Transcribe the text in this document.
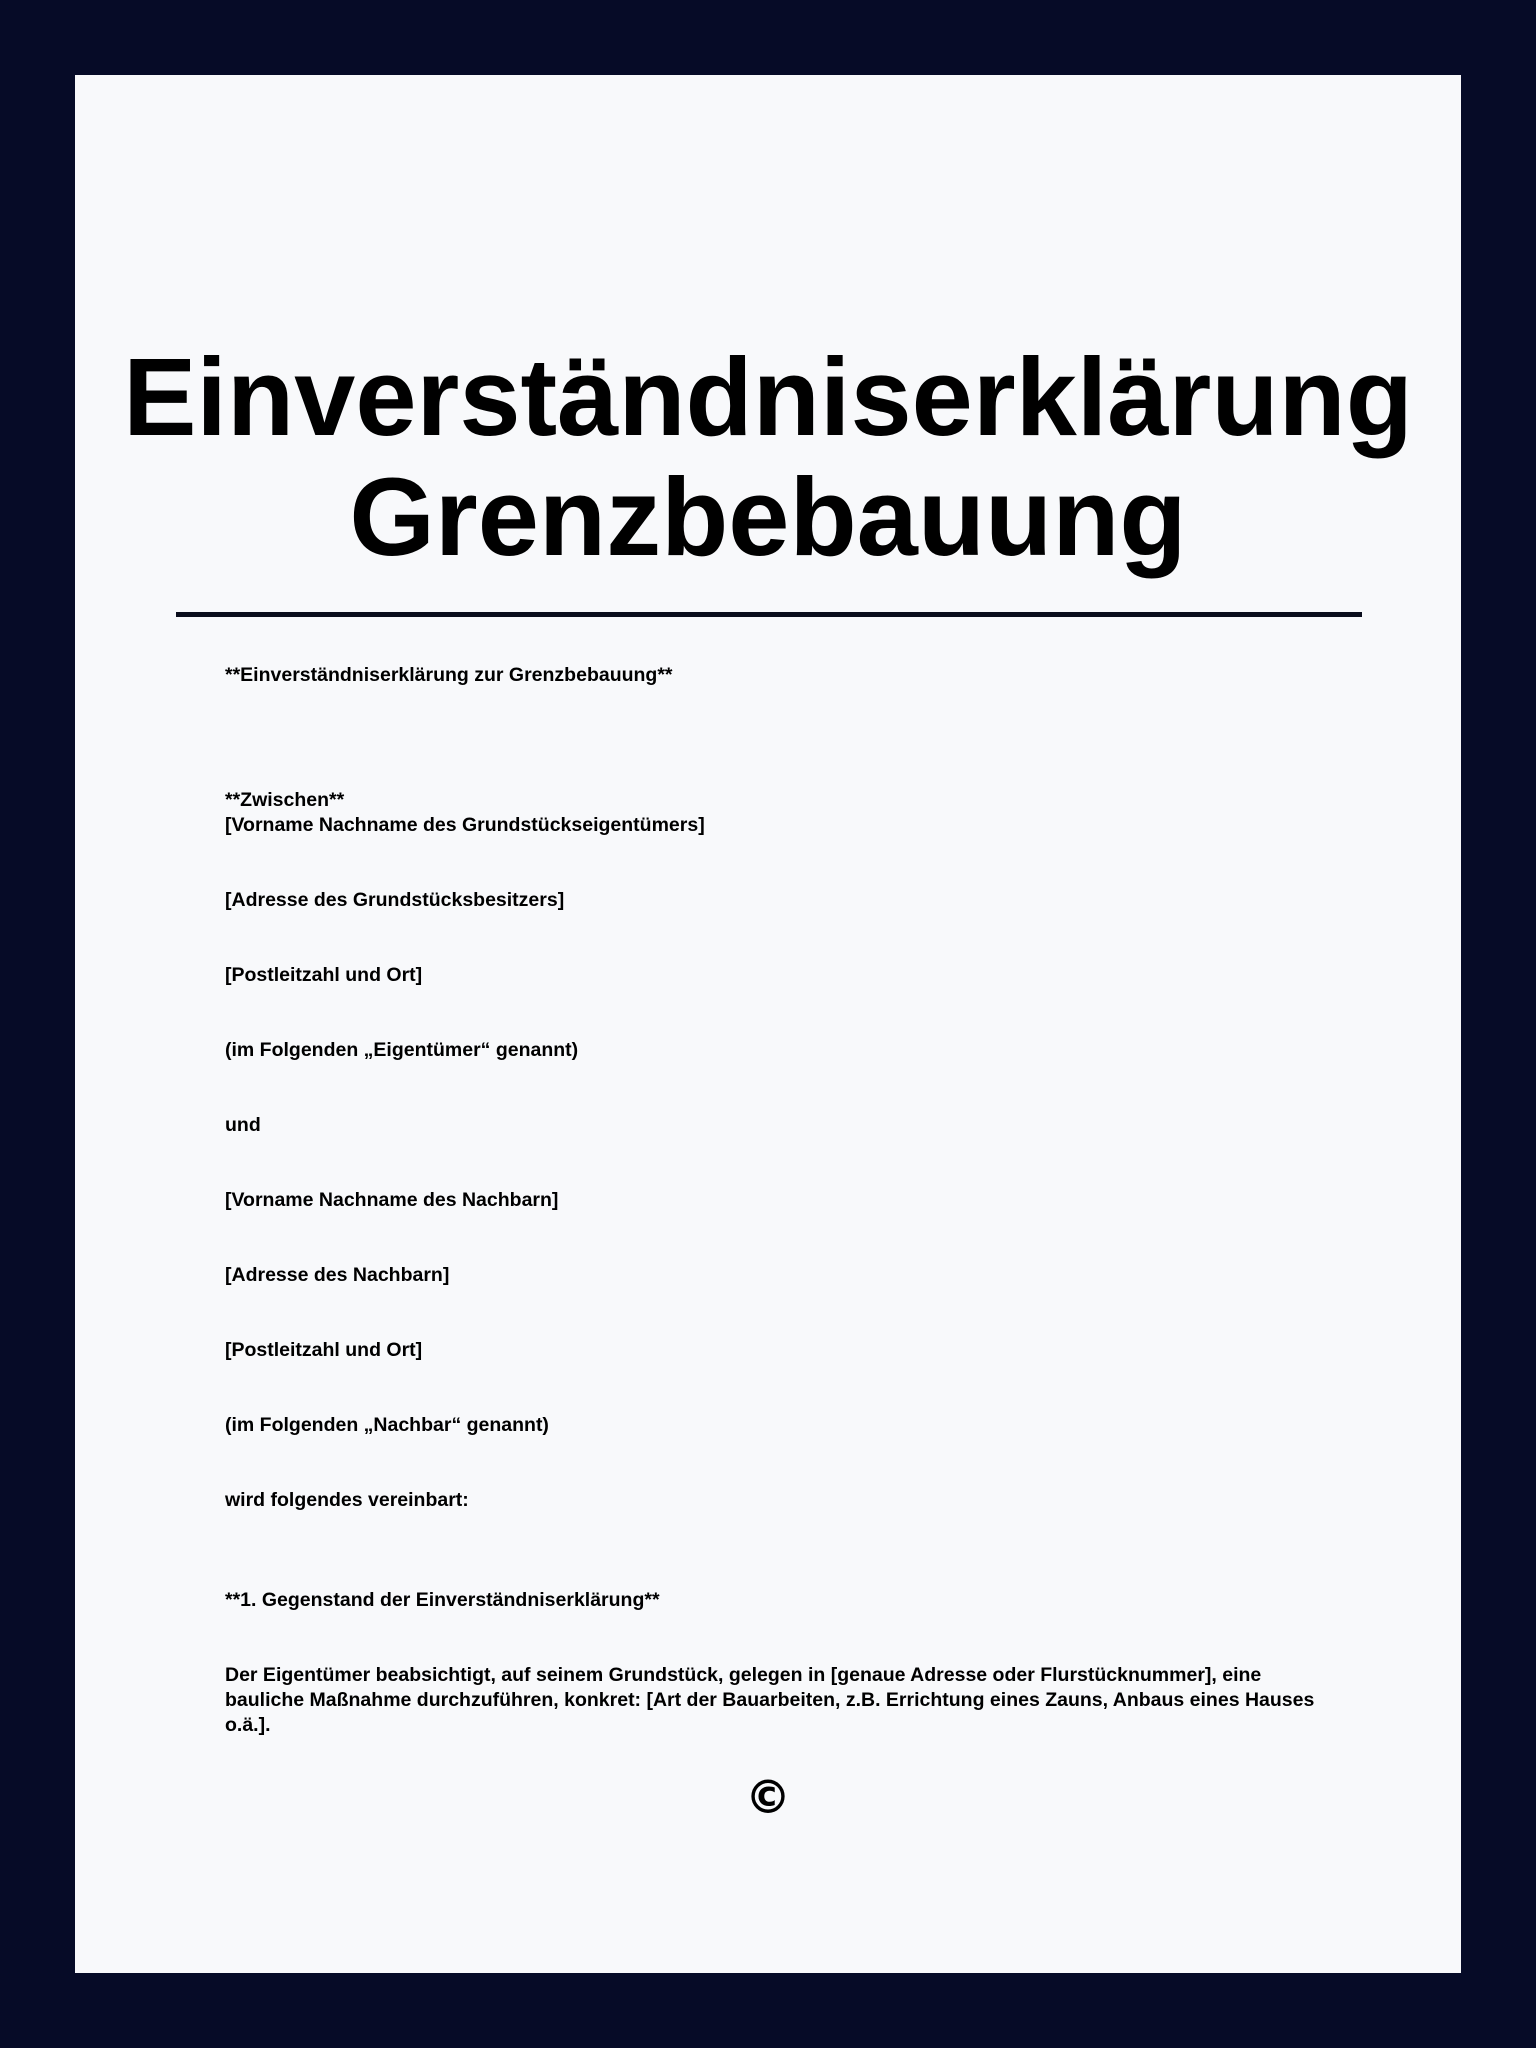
Einverständniserklärung
Grenzbebauung

**Einverständniserklärung zur Grenzbebauung**

**Zwischen**

[Vorname Nachname des Grundstückseigentümers]

[Adresse des Grundstücksbesitzers]

[Postleitzahl und Ort]

(im Folgenden „Eigentümer“ genannt)

und

[Vorname Nachname des Nachbarn]

[Adresse des Nachbarn]

[Postleitzahl und Ort]

(im Folgenden „Nachbar“ genannt)

wird folgendes vereinbart:

**1. Gegenstand der Einverständniserklärung**

Der Eigentümer beabsichtigt, auf seinem Grundstück, gelegen in [genaue Adresse oder Flurstücknummer], eine

bauliche Maßnahme durchzuführen, konkret: [Art der Bauarbeiten, z.B. Errichtung eines Zauns, Anbaus eines Hauses

o.ä.].

©
